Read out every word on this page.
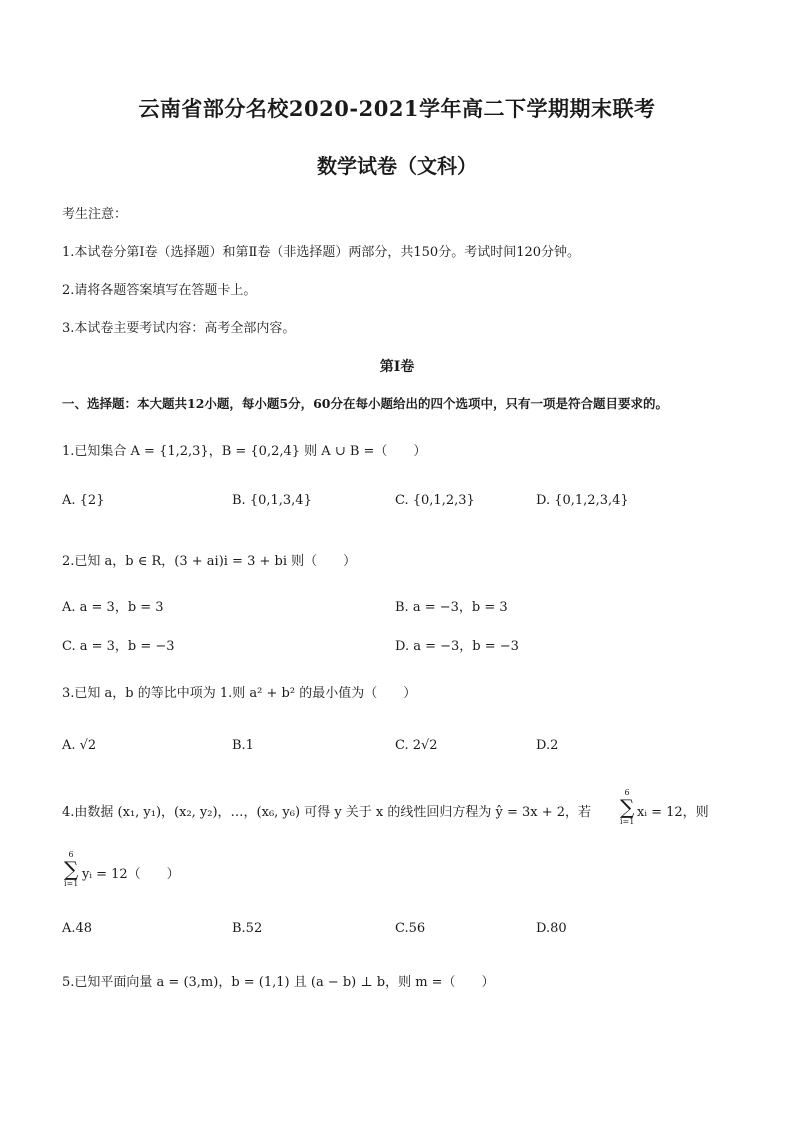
云南省部分名校2020-2021学年高二下学期期末联考
数学试卷（文科）
考生注意：
1.本试卷分第Ⅰ卷（选择题）和第Ⅱ卷（非选择题）两部分，共150分。考试时间120分钟。
2.请将各题答案填写在答题卡上。
3.本试卷主要考试内容：高考全部内容。
第Ⅰ卷
一、选择题：本大题共12小题，每小题5分，60分在每小题给出的四个选项中，只有一项是符合题目要求的。
1.已知集合 A = {1,2,3}，B = {0,2,4} 则 A ∪ B =（　　）
A. {2}	B. {0,1,3,4}	C. {0,1,2,3}	D. {0,1,2,3,4}
2.已知 a，b ∈ R，(3 + ai)i = 3 + bi 则（　　）
A. a = 3，b = 3	B. a = −3，b = 3
C. a = 3，b = −3	D. a = −3，b = −3
3.已知 a，b 的等比中项为 1.则 a² + b² 的最小值为（　　）
A. √2	B.1	C. 2√2	D.2
4.由数据 (x₁, y₁)，(x₂, y₂)，…，(x₆, y₆) 可得 y 关于 x 的线性回归方程为 ŷ = 3x + 2，若
6
∑
i=1
xᵢ = 12，则
6
∑
i=1
yᵢ = 12（　　）
A.48	B.52	C.56	D.80
5.已知平面向量 a = (3,m)，b = (1,1) 且 (a − b) ⊥ b，则 m =（　　）
